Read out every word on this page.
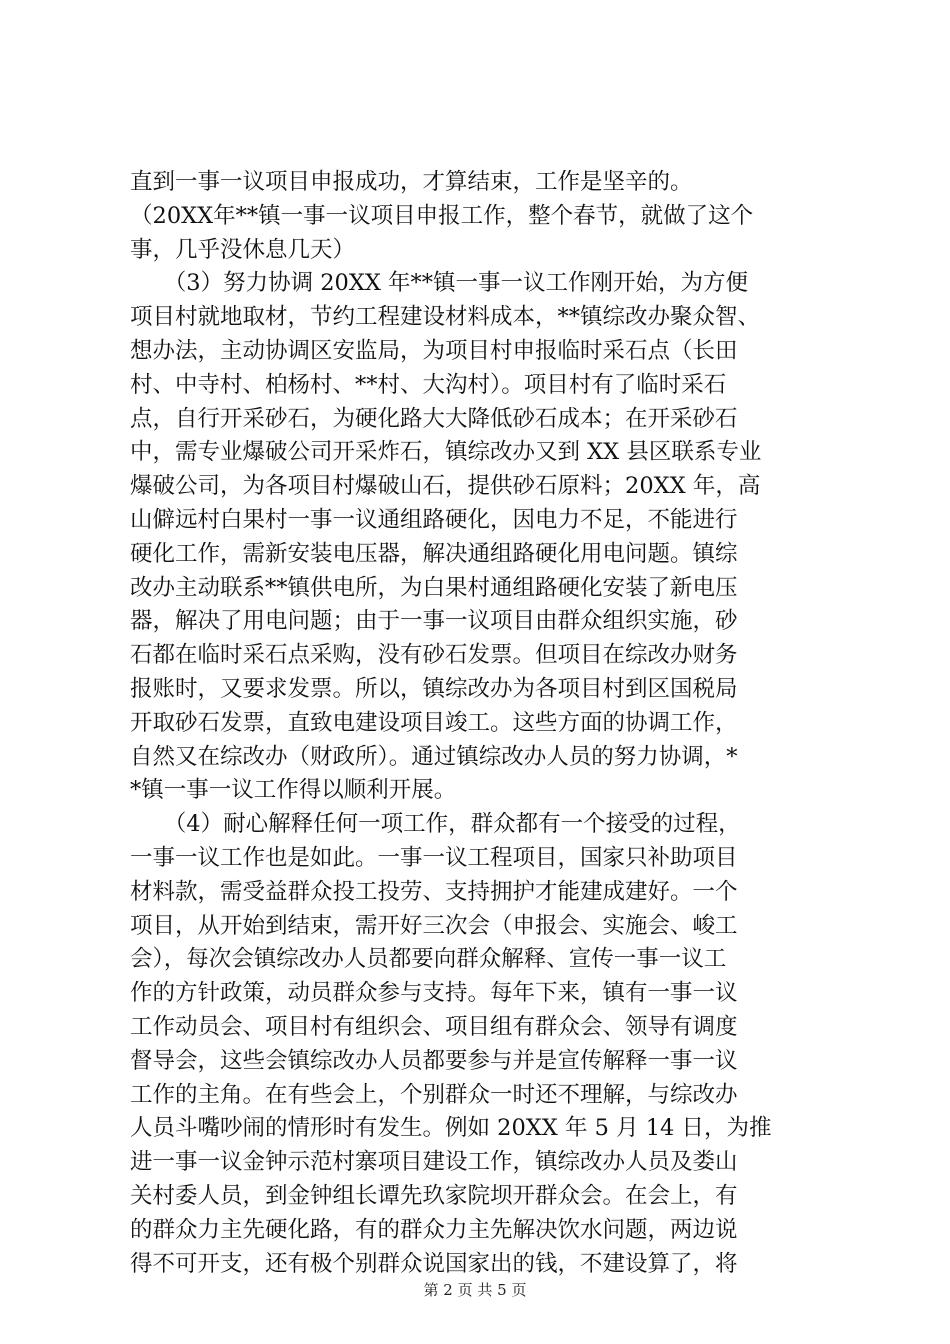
直到一事一议项目申报成功，才算结束，工作是坚辛的。
（20XX年**镇一事一议项目申报工作，整个春节，就做了这个
事，几乎没休息几天）
　　（3）努力协调 20XX 年**镇一事一议工作刚开始，为方便
项目村就地取材，节约工程建设材料成本，**镇综改办聚众智、
想办法，主动协调区安监局，为项目村申报临时采石点（长田
村、中寺村、柏杨村、**村、大沟村）。项目村有了临时采石
点，自行开采砂石，为硬化路大大降低砂石成本；在开采砂石
中，需专业爆破公司开采炸石，镇综改办又到 XX 县区联系专业
爆破公司，为各项目村爆破山石，提供砂石原料；20XX 年，高
山僻远村白果村一事一议通组路硬化，因电力不足，不能进行
硬化工作，需新安装电压器，解决通组路硬化用电问题。镇综
改办主动联系**镇供电所，为白果村通组路硬化安装了新电压
器，解决了用电问题；由于一事一议项目由群众组织实施，砂
石都在临时采石点采购，没有砂石发票。但项目在综改办财务
报账时，又要求发票。所以，镇综改办为各项目村到区国税局
开取砂石发票，直致电建设项目竣工。这些方面的协调工作，
自然又在综改办（财政所）。通过镇综改办人员的努力协调，*
*镇一事一议工作得以顺利开展。
　　（4）耐心解释任何一项工作，群众都有一个接受的过程，
一事一议工作也是如此。一事一议工程项目，国家只补助项目
材料款，需受益群众投工投劳、支持拥护才能建成建好。一个
项目，从开始到结束，需开好三次会（申报会、实施会、峻工
会），每次会镇综改办人员都要向群众解释、宣传一事一议工
作的方针政策，动员群众参与支持。每年下来，镇有一事一议
工作动员会、项目村有组织会、项目组有群众会、领导有调度
督导会，这些会镇综改办人员都要参与并是宣传解释一事一议
工作的主角。在有些会上，个别群众一时还不理解，与综改办
人员斗嘴吵闹的情形时有发生。例如 20XX 年 5 月 14 日，为推
进一事一议金钟示范村寨项目建设工作，镇综改办人员及娄山
关村委人员，到金钟组长谭先玖家院坝开群众会。在会上，有
的群众力主先硬化路，有的群众力主先解决饮水问题，两边说
得不可开支，还有极个别群众说国家出的钱，不建设算了，将
第 2 页 共 5 页
